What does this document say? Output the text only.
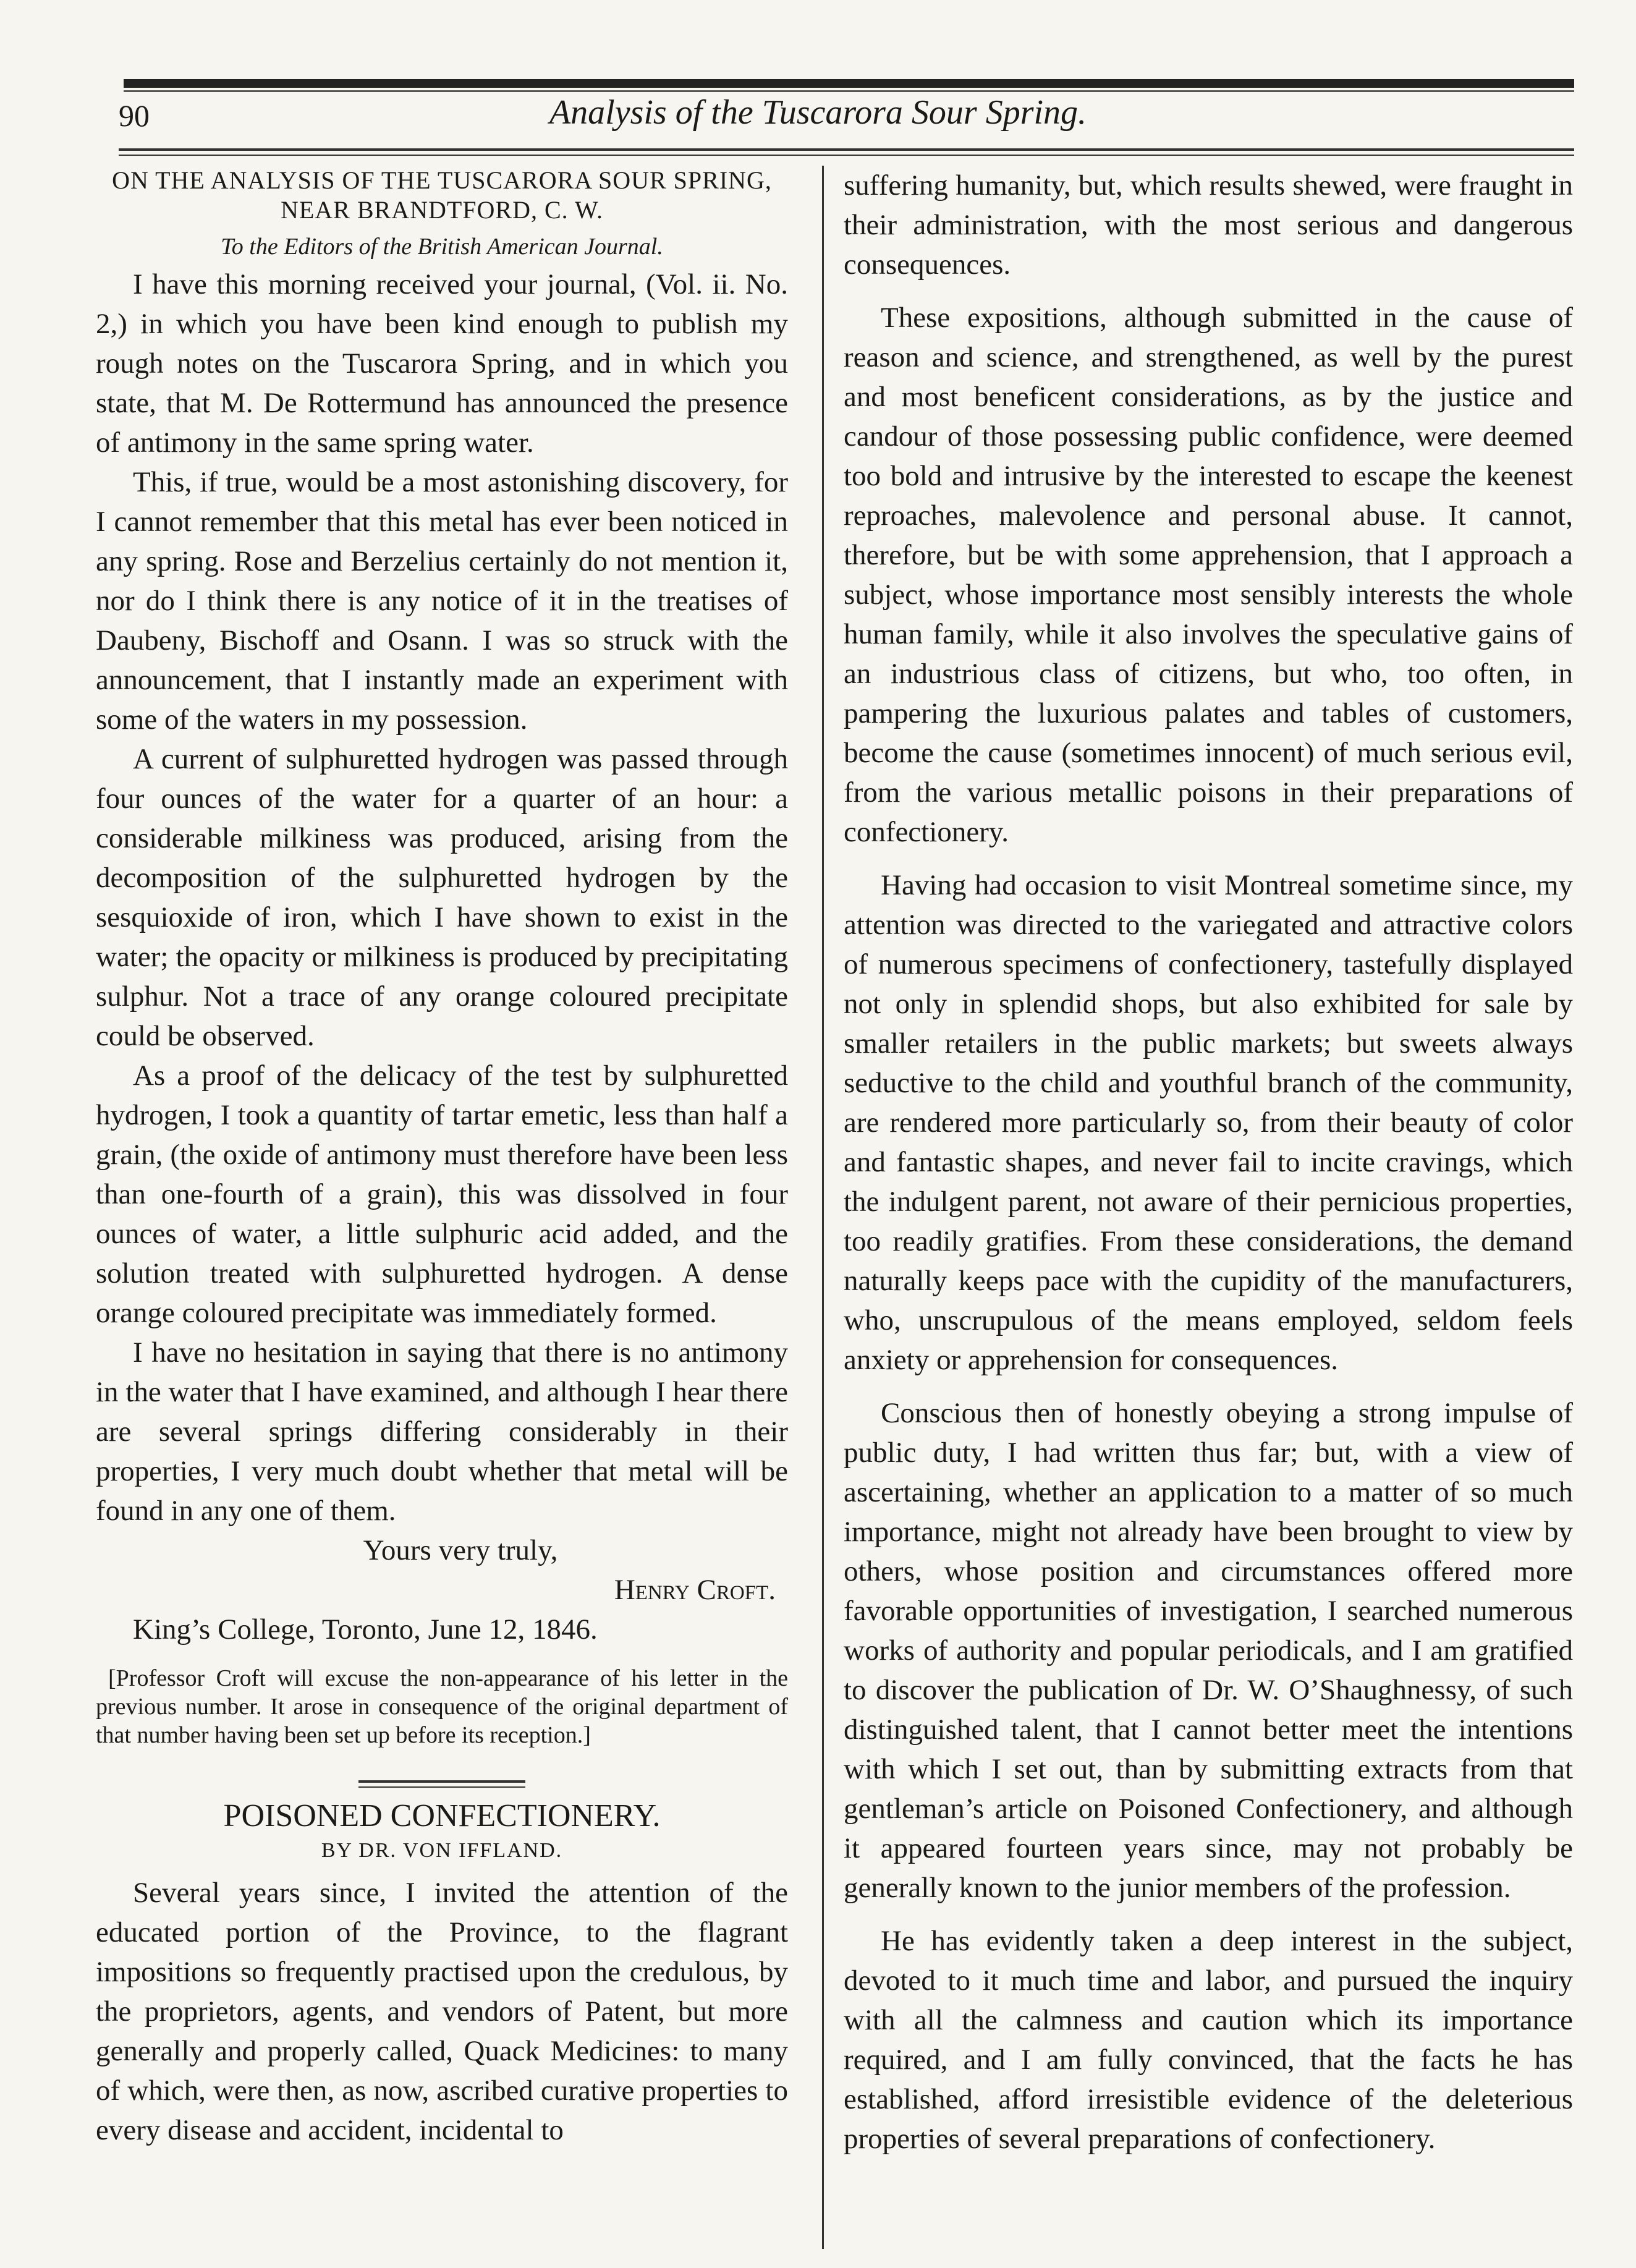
90	Analysis of the Tuscarora Sour Spring.
ON THE ANALYSIS OF THE TUSCARORA SOUR SPRING, NEAR BRANDTFORD, C. W.
To the Editors of the British American Journal.

I have this morning received your journal, (Vol. ii. No. 2,) in which you have been kind enough to publish my rough notes on the Tuscarora Spring, and in which you state, that M. De Rottermund has announced the presence of antimony in the same spring water.

This, if true, would be a most astonishing discovery, for I cannot remember that this metal has ever been noticed in any spring. Rose and Berzelius certainly do not mention it, nor do I think there is any notice of it in the treatises of Daubeny, Bischoff and Osann. I was so struck with the announcement, that I instantly made an experiment with some of the waters in my possession.

A current of sulphuretted hydrogen was passed through four ounces of the water for a quarter of an hour: a considerable milkiness was produced, arising from the decomposition of the sulphuretted hydrogen by the sesquioxide of iron, which I have shown to exist in the water; the opacity or milkiness is produced by precipitating sulphur. Not a trace of any orange coloured precipitate could be observed.

As a proof of the delicacy of the test by sulphuretted hydrogen, I took a quantity of tartar emetic, less than half a grain, (the oxide of antimony must therefore have been less than one-fourth of a grain), this was dissolved in four ounces of water, a little sulphuric acid added, and the solution treated with sulphuretted hydrogen. A dense orange coloured precipitate was immediately formed.

I have no hesitation in saying that there is no antimony in the water that I have examined, and although I hear there are several springs differing considerably in their properties, I very much doubt whether that metal will be found in any one of them.

Yours very truly,

Henry Croft.

King’s College, Toronto, June 12, 1846.

[Professor Croft will excuse the non-appearance of his letter in the previous number. It arose in consequence of the original department of that number having been set up before its reception.]
POISONED CONFECTIONERY.
BY DR. VON IFFLAND.

Several years since, I invited the attention of the educated portion of the Province, to the flagrant impositions so frequently practised upon the credulous, by the proprietors, agents, and vendors of Patent, but more generally and properly called, Quack Medicines: to many of which, were then, as now, ascribed curative properties to every disease and accident, incidental to

suffering humanity, but, which results shewed, were fraught in their administration, with the most serious and dangerous consequences.

These expositions, although submitted in the cause of reason and science, and strengthened, as well by the purest and most beneficent considerations, as by the justice and candour of those possessing public confidence, were deemed too bold and intrusive by the interested to escape the keenest reproaches, malevolence and personal abuse. It cannot, therefore, but be with some apprehension, that I approach a subject, whose importance most sensibly interests the whole human family, while it also involves the speculative gains of an industrious class of citizens, but who, too often, in pampering the luxurious palates and tables of customers, become the cause (sometimes innocent) of much serious evil, from the various metallic poisons in their preparations of confectionery.

Having had occasion to visit Montreal sometime since, my attention was directed to the variegated and attractive colors of numerous specimens of confectionery, tastefully displayed not only in splendid shops, but also exhibited for sale by smaller retailers in the public markets; but sweets always seductive to the child and youthful branch of the community, are rendered more particularly so, from their beauty of color and fantastic shapes, and never fail to incite cravings, which the indulgent parent, not aware of their pernicious properties, too readily gratifies. From these considerations, the demand naturally keeps pace with the cupidity of the manufacturers, who, unscrupulous of the means employed, seldom feels anxiety or apprehension for consequences.

Conscious then of honestly obeying a strong impulse of public duty, I had written thus far; but, with a view of ascertaining, whether an application to a matter of so much importance, might not already have been brought to view by others, whose position and circumstances offered more favorable opportunities of investigation, I searched numerous works of authority and popular periodicals, and I am gratified to discover the publication of Dr. W. O’Shaughnessy, of such distinguished talent, that I cannot better meet the intentions with which I set out, than by submitting extracts from that gentleman’s article on Poisoned Confectionery, and although it appeared fourteen years since, may not probably be generally known to the junior members of the profession.

He has evidently taken a deep interest in the subject, devoted to it much time and labor, and pursued the inquiry with all the calmness and caution which its importance required, and I am fully convinced, that the facts he has established, afford irresistible evidence of the deleterious properties of several preparations of confectionery.
